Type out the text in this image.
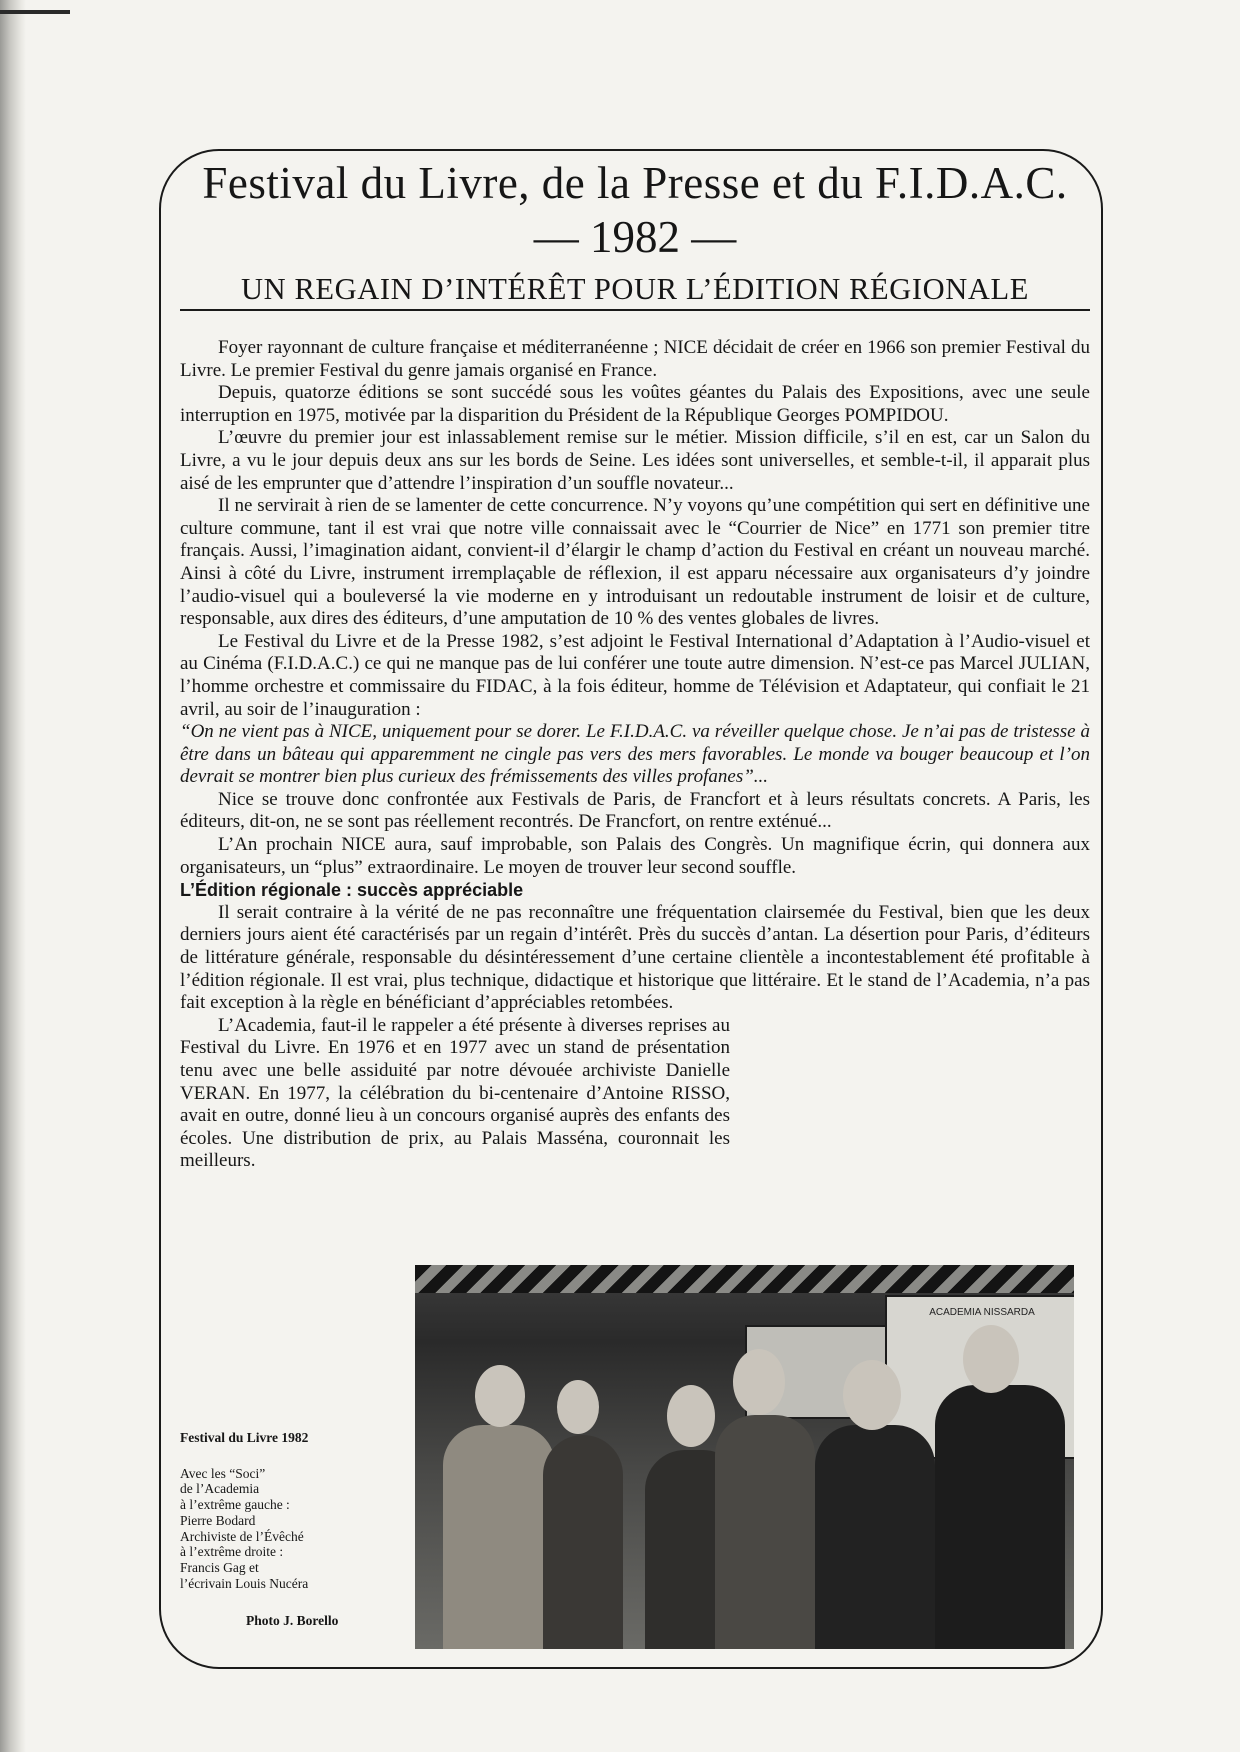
Festival du Livre, de la Presse et du F.I.D.A.C.
— 1982 —
UN REGAIN D’INTÉRÊT POUR L’ÉDITION RÉGIONALE

Foyer rayonnant de culture française et méditerranéenne ; NICE décidait de créer en 1966 son premier Festival du Livre. Le premier Festival du genre jamais organisé en France.

Depuis, quatorze éditions se sont succédé sous les voûtes géantes du Palais des Expositions, avec une seule interruption en 1975, motivée par la disparition du Président de la République Georges POMPIDOU.

L’œuvre du premier jour est inlassablement remise sur le métier. Mission difficile, s’il en est, car un Salon du Livre, a vu le jour depuis deux ans sur les bords de Seine. Les idées sont universelles, et semble-t-il, il apparait plus aisé de les emprunter que d’attendre l’inspiration d’un souffle novateur...

Il ne servirait à rien de se lamenter de cette concurrence. N’y voyons qu’une compétition qui sert en définitive une culture commune, tant il est vrai que notre ville connaissait avec le “Courrier de Nice” en 1771 son premier titre français. Aussi, l’imagination aidant, convient-il d’élargir le champ d’action du Festival en créant un nouveau marché. Ainsi à côté du Livre, instrument irremplaçable de réflexion, il est apparu nécessaire aux organisateurs d’y joindre l’audio-visuel qui a bouleversé la vie moderne en y introduisant un redoutable instrument de loisir et de culture, responsable, aux dires des éditeurs, d’une amputation de 10 % des ventes globales de livres.

Le Festival du Livre et de la Presse 1982, s’est adjoint le Festival International d’Adaptation à l’Audio-visuel et au Cinéma (F.I.D.A.C.) ce qui ne manque pas de lui conférer une toute autre dimension. N’est-ce pas Marcel JULIAN, l’homme orchestre et commissaire du FIDAC, à la fois éditeur, homme de Télévision et Adaptateur, qui confiait le 21 avril, au soir de l’inauguration :

“On ne vient pas à NICE, uniquement pour se dorer. Le F.I.D.A.C. va réveiller quelque chose. Je n’ai pas de tristesse à être dans un bâteau qui apparemment ne cingle pas vers des mers favorables. Le monde va bouger beaucoup et l’on devrait se montrer bien plus curieux des frémissements des villes profanes”...

Nice se trouve donc confrontée aux Festivals de Paris, de Francfort et à leurs résultats concrets. A Paris, les éditeurs, dit-on, ne se sont pas réellement recontrés. De Francfort, on rentre exténué...

L’An prochain NICE aura, sauf improbable, son Palais des Congrès. Un magnifique écrin, qui donnera aux organisateurs, un “plus” extraordinaire. Le moyen de trouver leur second souffle.

L’Édition régionale : succès appréciable

Il serait contraire à la vérité de ne pas reconnaître une fréquentation clairsemée du Festival, bien que les deux derniers jours aient été caractérisés par un regain d’intérêt. Près du succès d’antan. La désertion pour Paris, d’éditeurs de littérature générale, responsable du désintéressement d’une certaine clientèle a incontestablement été profitable à l’édition régionale. Il est vrai, plus technique, didactique et historique que littéraire. Et le stand de l’Academia, n’a pas fait exception à la règle en bénéficiant d’appréciables retombées.

L’Academia, faut-il le rappeler a été présente à diverses reprises au Festival du Livre. En 1976 et en 1977 avec un stand de présentation tenu avec une belle assiduité par notre dévouée archiviste Danielle VERAN. En 1977, la célébration du bi-centenaire d’Antoine RISSO, avait en outre, donné lieu à un concours organisé auprès des enfants des écoles. Une distribution de prix, au Palais Masséna, couronnait les meilleurs.

ACADEMIA NISSARDA
Festival du Livre 1982
Avec les “Soci”
de l’Academia
à l’extrême gauche :
Pierre Bodard
Archiviste de l’Évêché
à l’extrême droite :
Francis Gag et
l’écrivain Louis Nucéra
Photo J. Borello
